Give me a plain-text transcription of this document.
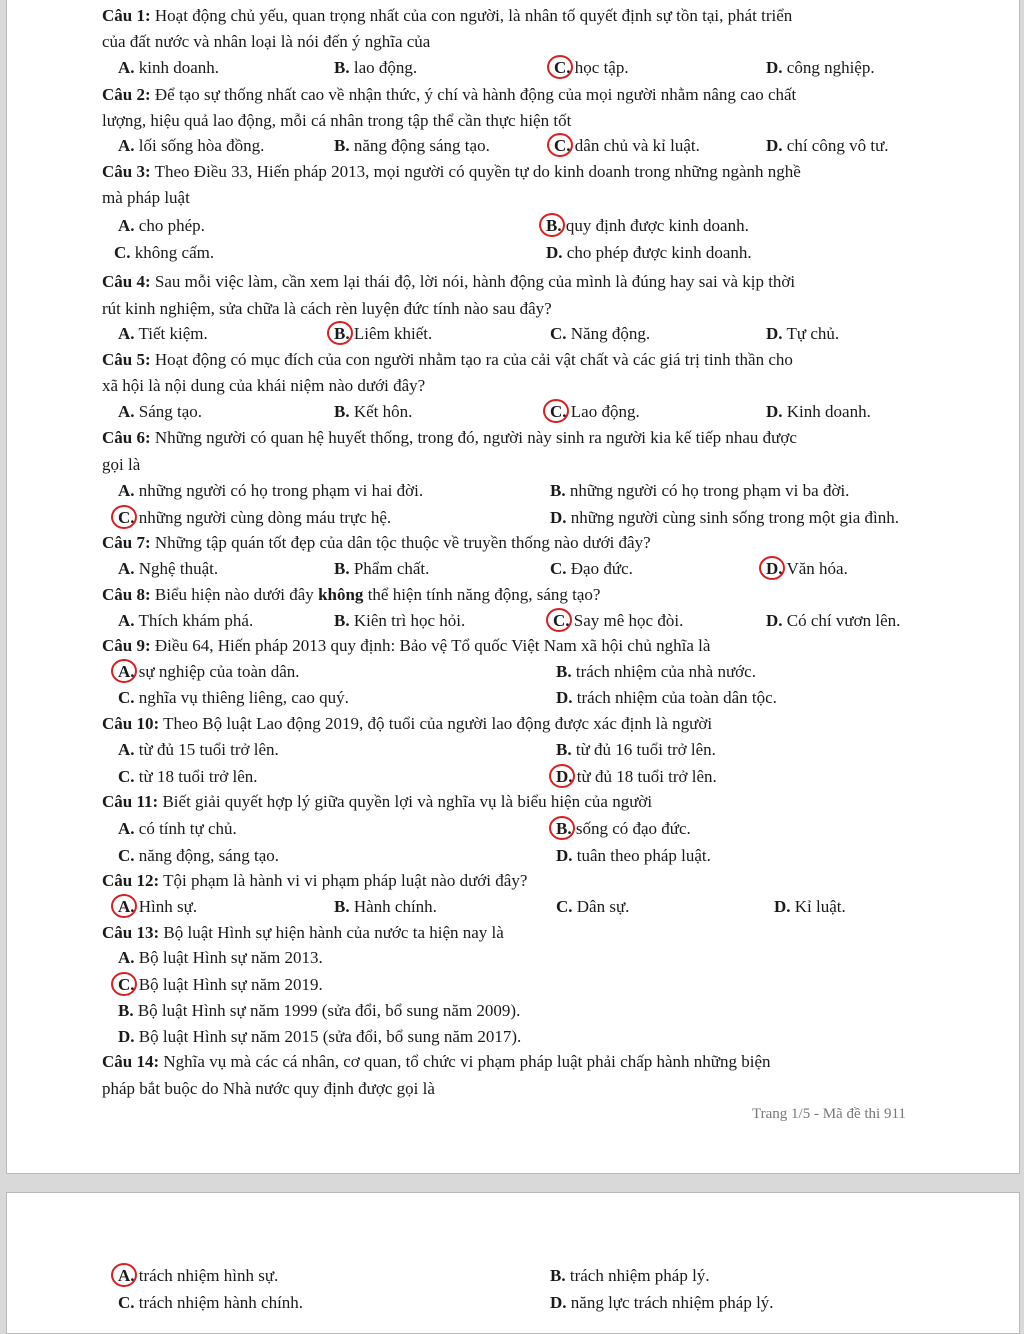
Câu 1: Hoạt động chủ yếu, quan trọng nhất của con người, là nhân tố quyết định sự tồn tại, phát triển
của đất nước và nhân loại là nói đến ý nghĩa của
A. kinh doanh.	B. lao động.	C. học tập.	D. công nghiệp.
Câu 2: Để tạo sự thống nhất cao về nhận thức, ý chí và hành động của mọi người nhằm nâng cao chất
lượng, hiệu quả lao động, mỗi cá nhân trong tập thể cần thực hiện tốt
A. lối sống hòa đồng.	B. năng động sáng tạo.	C. dân chủ và kỉ luật.	D. chí công vô tư.
Câu 3: Theo Điều 33, Hiến pháp 2013, mọi người có quyền tự do kinh doanh trong những ngành nghề
mà pháp luật
A. cho phép.	B. quy định được kinh doanh.
C. không cấm.	D. cho phép được kinh doanh.
Câu 4: Sau mỗi việc làm, cần xem lại thái độ, lời nói, hành động của mình là đúng hay sai và kịp thời
rút kinh nghiệm, sửa chữa là cách rèn luyện đức tính nào sau đây?
A. Tiết kiệm.	B. Liêm khiết.	C. Năng động.	D. Tự chủ.
Câu 5: Hoạt động có mục đích của con người nhằm tạo ra của cải vật chất và các giá trị tinh thần cho
xã hội là nội dung của khái niệm nào dưới đây?
A. Sáng tạo.	B. Kết hôn.	C. Lao động.	D. Kinh doanh.
Câu 6: Những người có quan hệ huyết thống, trong đó, người này sinh ra người kia kế tiếp nhau được
gọi là
A. những người có họ trong phạm vi hai đời.	B. những người có họ trong phạm vi ba đời.
C. những người cùng dòng máu trực hệ.	D. những người cùng sinh sống trong một gia đình.
Câu 7: Những tập quán tốt đẹp của dân tộc thuộc về truyền thống nào dưới đây?
A. Nghệ thuật.	B. Phẩm chất.	C. Đạo đức.	D. Văn hóa.
Câu 8: Biểu hiện nào dưới đây không thể hiện tính năng động, sáng tạo?
A. Thích khám phá.	B. Kiên trì học hỏi.	C. Say mê học đòi.	D. Có chí vươn lên.
Câu 9: Điều 64, Hiến pháp 2013 quy định: Bảo vệ Tổ quốc Việt Nam xã hội chủ nghĩa là
A. sự nghiệp của toàn dân.	B. trách nhiệm của nhà nước.
C. nghĩa vụ thiêng liêng, cao quý.	D. trách nhiệm của toàn dân tộc.
Câu 10: Theo Bộ luật Lao động 2019, độ tuổi của người lao động được xác định là người
A. từ đủ 15 tuổi trở lên.	B. từ đủ 16 tuổi trở lên.
C. từ 18 tuổi trở lên.	D. từ đủ 18 tuổi trở lên.
Câu 11: Biết giải quyết hợp lý giữa quyền lợi và nghĩa vụ là biểu hiện của người
A. có tính tự chủ.	B. sống có đạo đức.
C. năng động, sáng tạo.	D. tuân theo pháp luật.
Câu 12: Tội phạm là hành vi vi phạm pháp luật nào dưới đây?
A. Hình sự.	B. Hành chính.	C. Dân sự.	D. Kỉ luật.
Câu 13: Bộ luật Hình sự hiện hành của nước ta hiện nay là
A. Bộ luật Hình sự năm 2013.
C. Bộ luật Hình sự năm 2019.
B. Bộ luật Hình sự năm 1999 (sửa đổi, bổ sung năm 2009).
D. Bộ luật Hình sự năm 2015 (sửa đổi, bổ sung năm 2017).
Câu 14: Nghĩa vụ mà các cá nhân, cơ quan, tổ chức vi phạm pháp luật phải chấp hành những biện
pháp bắt buộc do Nhà nước quy định được gọi là
A. trách nhiệm hình sự.	B. trách nhiệm pháp lý.
C. trách nhiệm hành chính.	D. năng lực trách nhiệm pháp lý.
Trang 1/5 - Mã đề thi 911
